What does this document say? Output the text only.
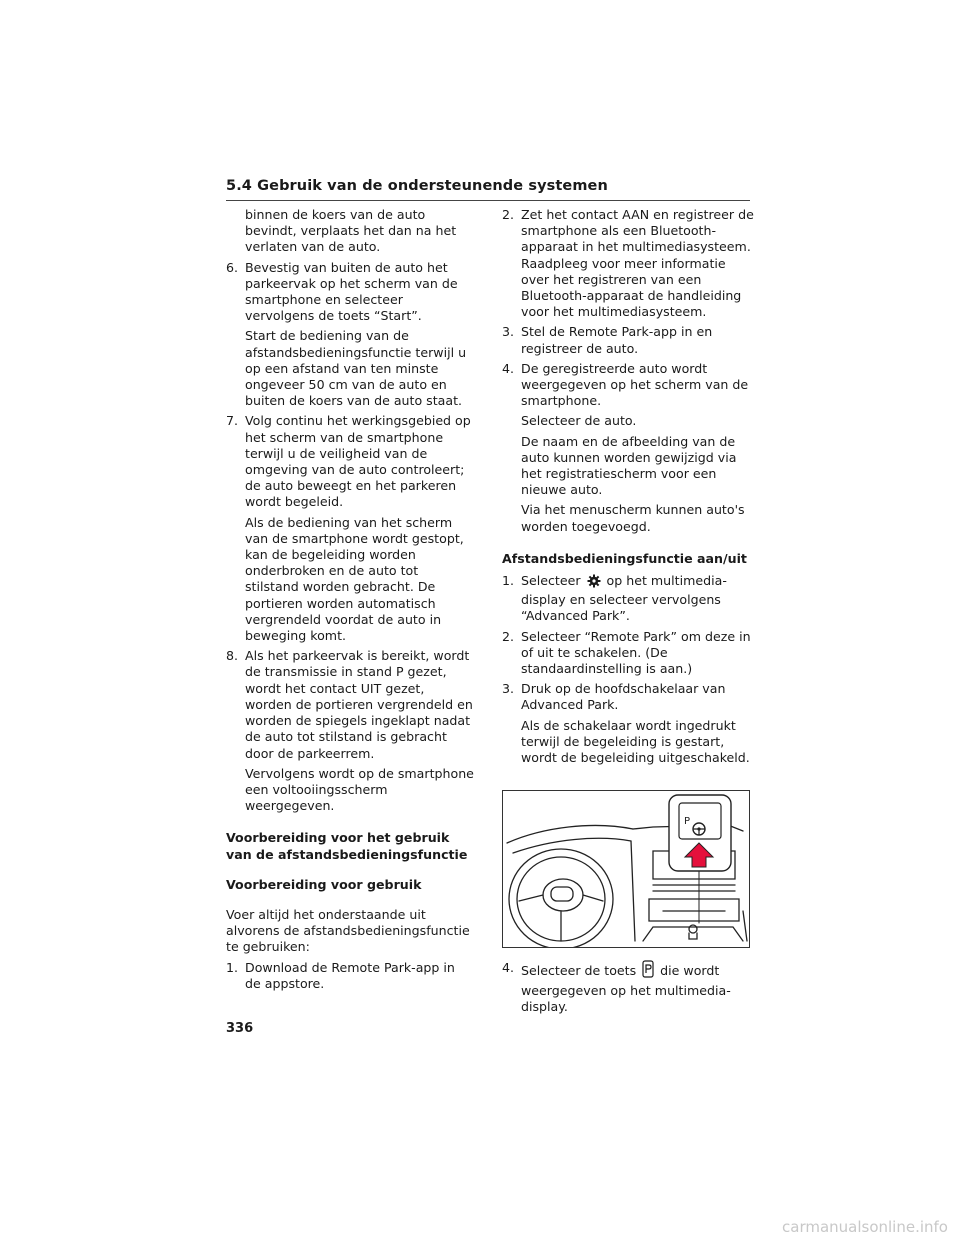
5.4 Gebruik van de ondersteunende systemen
binnen de koers van de auto bevindt, verplaats het dan na het verlaten van de auto.
6. Bevestig van buiten de auto het parkeervak op het scherm van de smartphone en selecteer vervolgens de toets “Start”.
Start de bediening van de afstandsbedieningsfunctie terwijl u op een afstand van ten minste ongeveer 50 cm van de auto en buiten de koers van de auto staat.
7. Volg continu het werkingsgebied op het scherm van de smartphone terwijl u de veiligheid van de omgeving van de auto controleert; de auto beweegt en het parkeren wordt begeleid.
Als de bediening van het scherm van de smartphone wordt gestopt, kan de begeleiding worden onderbroken en de auto tot stilstand worden gebracht. De portieren worden automatisch vergrendeld voordat de auto in beweging komt.
8. Als het parkeervak is bereikt, wordt de transmissie in stand P gezet, wordt het contact UIT gezet, worden de portieren vergrendeld en worden de spiegels ingeklapt nadat de auto tot stilstand is gebracht door de parkeerrem.
Vervolgens wordt op de smartphone een voltooiingsscherm weergegeven.
Voorbereiding voor het gebruik van de afstandsbedieningsfunctie
Voorbereiding voor gebruik
Voer altijd het onderstaande uit alvorens de afstandsbedieningsfunctie te gebruiken:
1. Download de Remote Park-app in de appstore.
2. Zet het contact AAN en registreer de smartphone als een Bluetooth-apparaat in het multimediasysteem. Raadpleeg voor meer informatie over het registreren van een Bluetooth-apparaat de handleiding voor het multimediasysteem.
3. Stel de Remote Park-app in en registreer de auto.
4. De geregistreerde auto wordt weergegeven op het scherm van de smartphone.
Selecteer de auto.
De naam en de afbeelding van de auto kunnen worden gewijzigd via het registratiescherm voor een nieuwe auto.
Via het menuscherm kunnen auto's worden toegevoegd.
Afstandsbedieningsfunctie aan/uit
1. Selecteer op het multimedia-display en selecteer vervolgens “Advanced Park”.
2. Selecteer “Remote Park” om deze in of uit te schakelen. (De standaardinstelling is aan.)
3. Druk op de hoofdschakelaar van Advanced Park.
Als de schakelaar wordt ingedrukt terwijl de begeleiding is gestart, wordt de begeleiding uitgeschakeld.
P
4. Selecteer de toets die wordt weergegeven op het multimedia-display.
336
carmanualsonline.info
